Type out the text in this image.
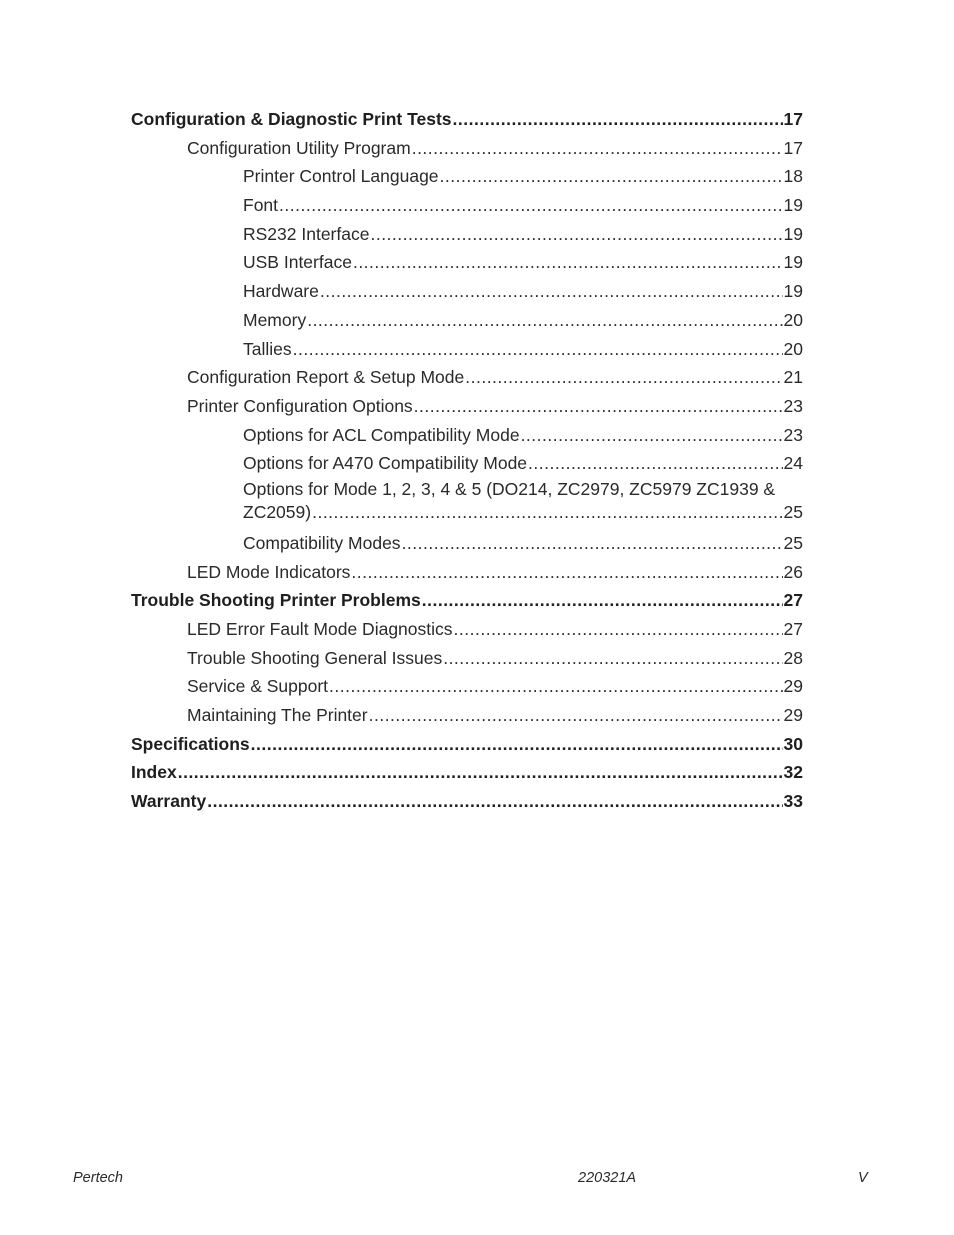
Configuration & Diagnostic Print Tests .....	17
Configuration Utility Program .....	17
Printer Control Language .....	18
Font .....	19
RS232 Interface .....	19
USB Interface .....	19
Hardware .....	19
Memory .....	20
Tallies .....	20
Configuration Report & Setup Mode .....	21
Printer Configuration Options .....	23
Options for ACL Compatibility Mode .....	23
Options for A470 Compatibility Mode .....	24
Options for Mode 1, 2, 3, 4 & 5 (DO214, ZC2979, ZC5979 ZC1939 &
ZC2059) .....	25
Compatibility Modes .....	25
LED Mode Indicators .....	26
Trouble Shooting Printer Problems .....	27
LED Error Fault Mode Diagnostics .....	27
Trouble Shooting General Issues .....	28
Service & Support .....	29
Maintaining The Printer .....	29
Specifications .....	30
Index .....	32
Warranty .....	33
Pertech	220321A	V
